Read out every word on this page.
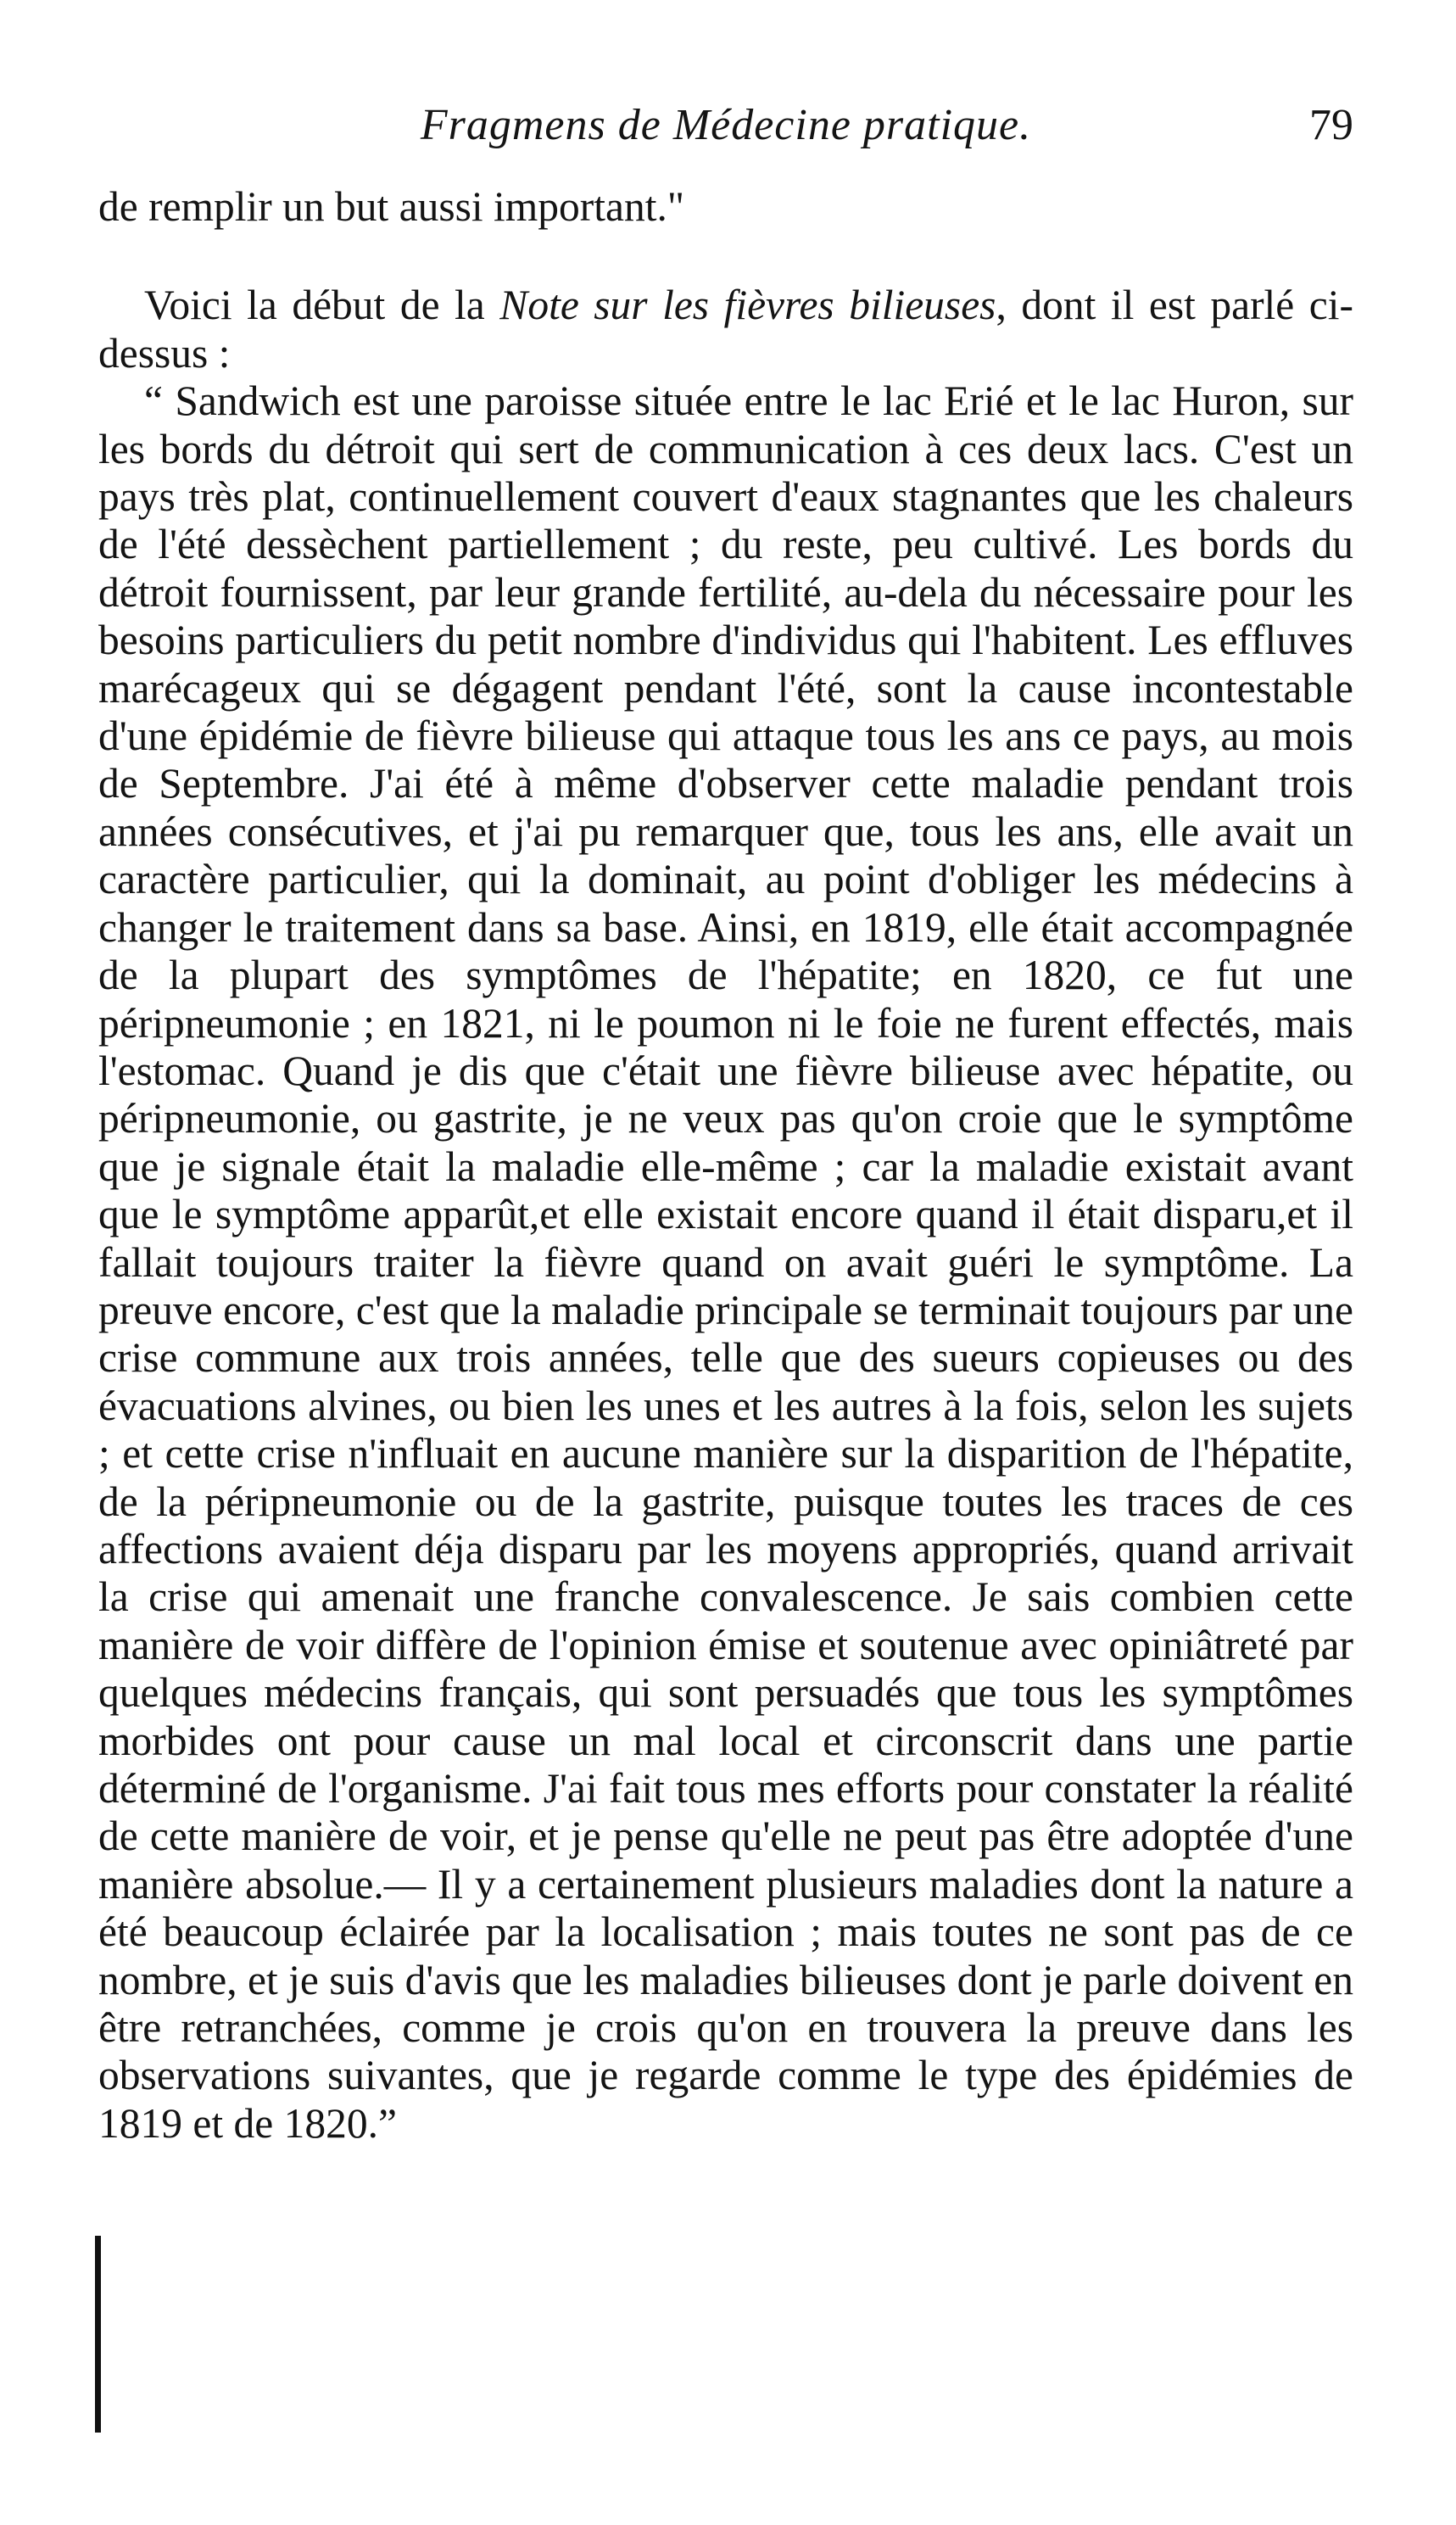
Fragmens de Médecine pratique.	79

de remplir un but aussi important."

Voici la début de la Note sur les fièvres bilieuses, dont il est parlé ci-dessus :

“ Sandwich est une paroisse située entre le lac Erié et le lac Huron, sur les bords du détroit qui sert de communication à ces deux lacs. C'est un pays très plat, continuellement couvert d'eaux stagnantes que les chaleurs de l'été dessèchent partiellement ; du reste, peu cultivé. Les bords du détroit fournissent, par leur grande fertilité, au-dela du nécessaire pour les besoins particuliers du petit nombre d'individus qui l'habitent. Les effluves marécageux qui se dégagent pendant l'été, sont la cause incontestable d'une épidémie de fièvre bilieuse qui attaque tous les ans ce pays, au mois de Septembre. J'ai été à même d'observer cette maladie pendant trois années consécutives, et j'ai pu remarquer que, tous les ans, elle avait un caractère particulier, qui la dominait, au point d'obliger les médecins à changer le traitement dans sa base. Ainsi, en 1819, elle était accompagnée de la plupart des symptômes de l'hépatite; en 1820, ce fut une péripneumonie ; en 1821, ni le poumon ni le foie ne furent effectés, mais l'estomac. Quand je dis que c'était une fièvre bilieuse avec hépatite, ou péripneumonie, ou gastrite, je ne veux pas qu'on croie que le symptôme que je signale était la maladie elle-même ; car la maladie existait avant que le symptôme apparût,et elle existait encore quand il était disparu,et il fallait toujours traiter la fièvre quand on avait guéri le symptôme. La preuve encore, c'est que la maladie principale se terminait toujours par une crise commune aux trois années, telle que des sueurs copieuses ou des évacuations alvines, ou bien les unes et les autres à la fois, selon les sujets ; et cette crise n'influait en aucune manière sur la disparition de l'hépatite, de la péripneumonie ou de la gastrite, puisque toutes les traces de ces affections avaient déja disparu par les moyens appropriés, quand arrivait la crise qui amenait une franche convalescence. Je sais combien cette manière de voir diffère de l'opinion émise et soutenue avec opiniâtreté par quelques médecins français, qui sont persuadés que tous les symptômes morbides ont pour cause un mal local et circonscrit dans une partie déterminé de l'organisme. J'ai fait tous mes efforts pour constater la réalité de cette manière de voir, et je pense qu'elle ne peut pas être adoptée d'une manière absolue.— Il y a certainement plusieurs maladies dont la nature a été beaucoup éclairée par la localisation ; mais toutes ne sont pas de ce nombre, et je suis d'avis que les maladies bilieuses dont je parle doivent en être retranchées, comme je crois qu'on en trouvera la preuve dans les observations suivantes, que je regarde comme le type des épidémies de 1819 et de 1820.”
